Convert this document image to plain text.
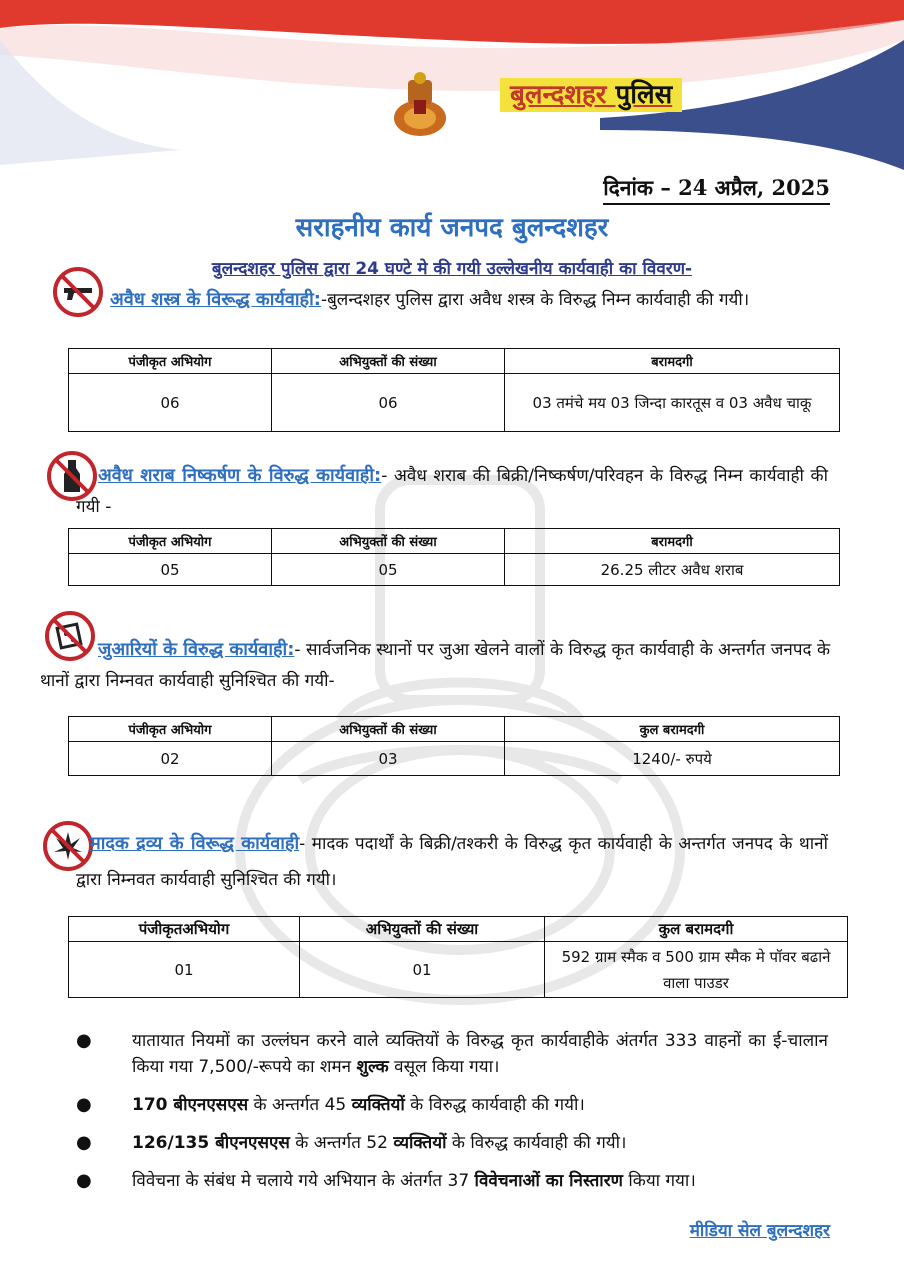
बुलन्दशहर पुलिस
दिनांक – 24 अप्रैल, 2025
सराहनीय कार्य जनपद बुलन्दशहर
बुलन्दशहर पुलिस द्वारा 24 घण्टे मे की गयी उल्लेखनीय कार्यवाही का विवरण-
अवैध शस्त्र के विरूद्ध कार्यवाही:-बुलन्दशहर पुलिस द्वारा अवैध शस्त्र के विरुद्ध निम्न कार्यवाही की गयी।
पंजीकृत अभियोग	अभियुक्तों की संख्या	बरामदगी
06	06	03 तमंचे मय 03 जिन्दा कारतूस व 03 अवैध चाकू
अवैध शराब निष्कर्षण के विरुद्ध कार्यवाही:- अवैध शराब की बिक्री/निष्कर्षण/परिवहन के विरुद्ध निम्न कार्यवाही की गयी -
पंजीकृत अभियोग	अभियुक्तों की संख्या	बरामदगी
05	05	26.25 लीटर अवैध शराब
जुआरियों के विरुद्ध कार्यवाही:- सार्वजनिक स्थानों पर जुआ खेलने वालों के विरुद्ध कृत कार्यवाही के अन्तर्गत जनपद के थानों द्वारा निम्नवत कार्यवाही सुनिश्चित की गयी-
पंजीकृत अभियोग	अभियुक्तों की संख्या	कुल बरामदगी
02	03	1240/- रुपये
मादक द्रव्य के विरूद्ध कार्यवाही- मादक पदार्थों के बिक्री/तश्करी के विरुद्ध कृत कार्यवाही के अन्तर्गत जनपद के थानों द्वारा निम्नवत कार्यवाही सुनिश्चित की गयी।
पंजीकृतअभियोग	अभियुक्तों की संख्या	कुल बरामदगी
01	01	592 ग्राम स्मैक व 500 ग्राम स्मैक मे पॉवर बढाने वाला पाउडर
● यातायात नियमों का उल्लंघन करने वाले व्यक्तियों के विरुद्ध कृत कार्यवाहीके अंतर्गत 333 वाहनों का ई-चालान किया गया 7,500/-रूपये का शमन शुल्क वसूल किया गया।
● 170 बीएनएसएस के अन्तर्गत 45 व्यक्तियों के विरुद्ध कार्यवाही की गयी।
● 126/135 बीएनएसएस के अन्तर्गत 52 व्यक्तियों के विरुद्ध कार्यवाही की गयी।
● विवेचना के संबंध मे चलाये गये अभियान के अंतर्गत 37 विवेचनाओं का निस्तारण किया गया।
मीडिया सेल बुलन्दशहर
